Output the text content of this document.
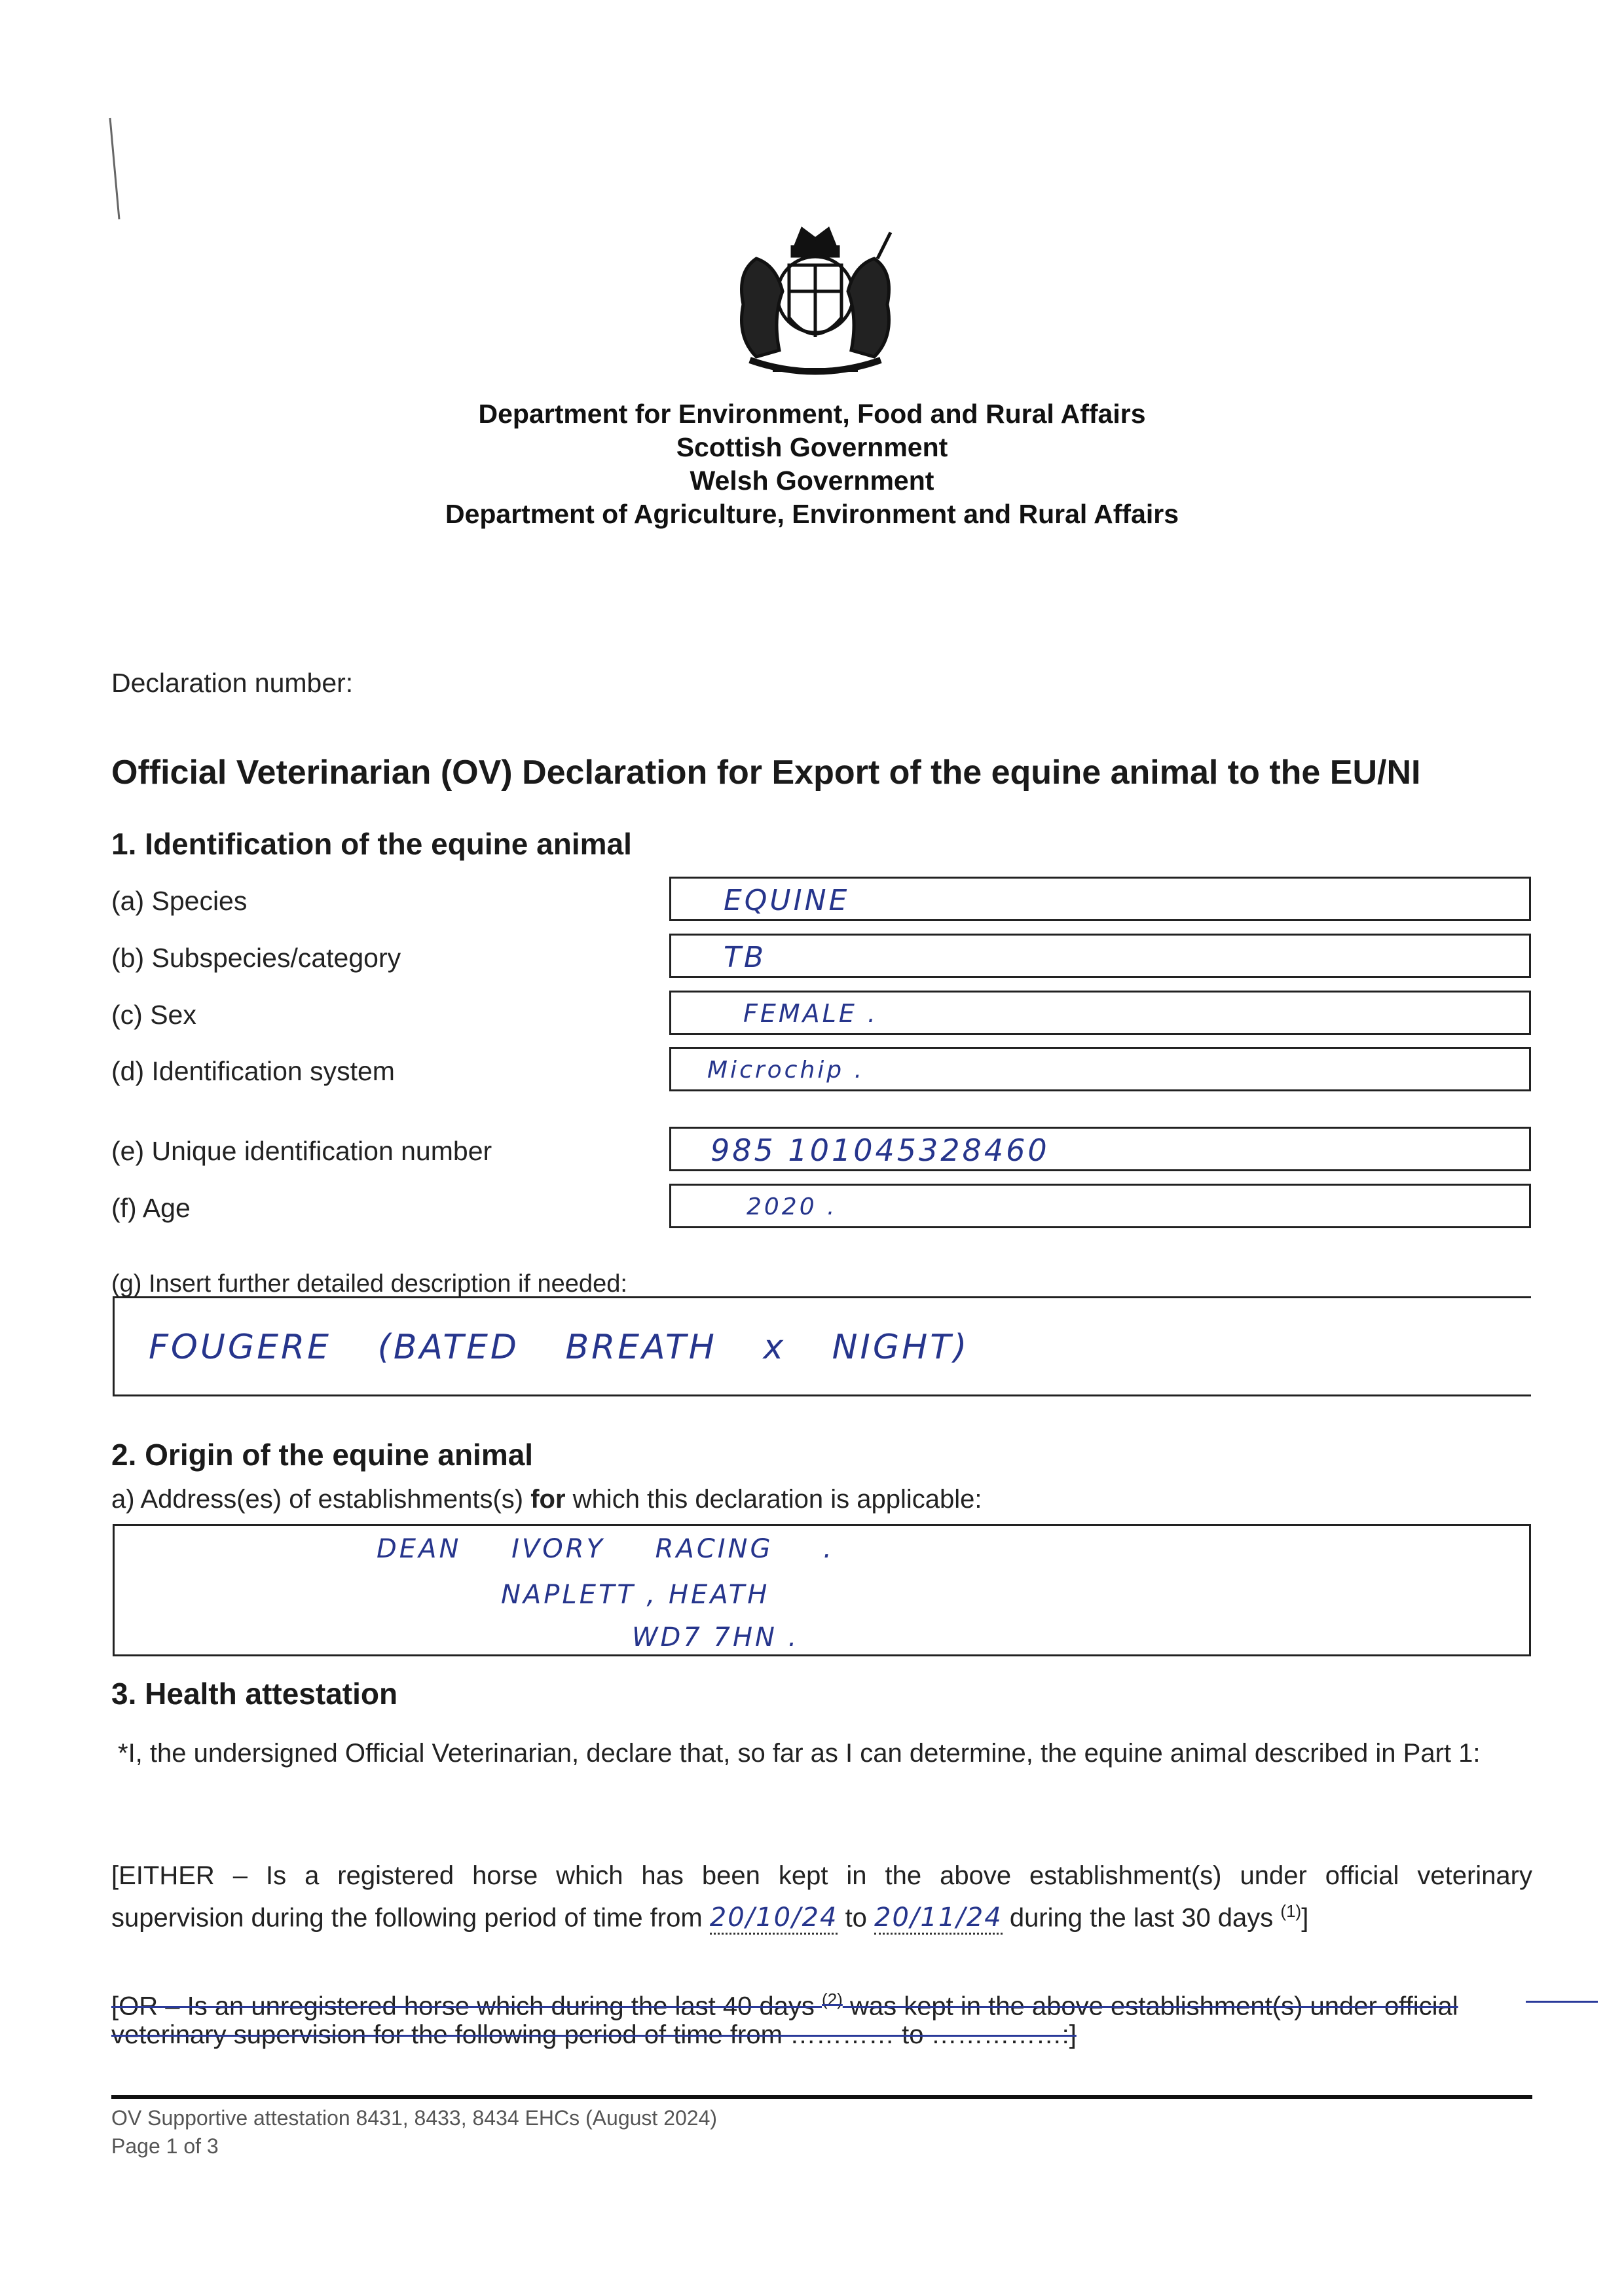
Department for Environment, Food and Rural Affairs
Scottish Government
Welsh Government
Department of Agriculture, Environment and Rural Affairs
Declaration number:
Official Veterinarian (OV) Declaration for Export of the equine animal to the EU/NI
1. Identification of the equine animal
(a) Species	EQUINE
(b) Subspecies/category	TB
(c) Sex	FEMALE .
(d) Identification system	Microchip .
(e) Unique identification number	985 101045328460
(f) Age	2020 .
(g) Insert further detailed description if needed:
FOUGERE (BATED BREATH x NIGHT)
2. Origin of the equine animal
a) Address(es) of establishments(s) for which this declaration is applicable:
DEAN IVORY RACING .
NAPLETT , HEATH
WD7 7HN .
3. Health attestation
*I, the undersigned Official Veterinarian, declare that, so far as I can determine, the equine animal described in Part 1:
[EITHER – Is a registered horse which has been kept in the above establishment(s) under official veterinary
supervision during the following period of time from 20/10/24 to 20/11/24 during the last 30 days $^{(1)}$]
[OR – Is an unregistered horse which during the last 40 days $^{(2)}$ was kept in the above establishment(s) under official
veterinary supervision for the following period of time from ………… to ……………:]
OV Supportive attestation 8431, 8433, 8434 EHCs (August 2024)
Page 1 of 3
